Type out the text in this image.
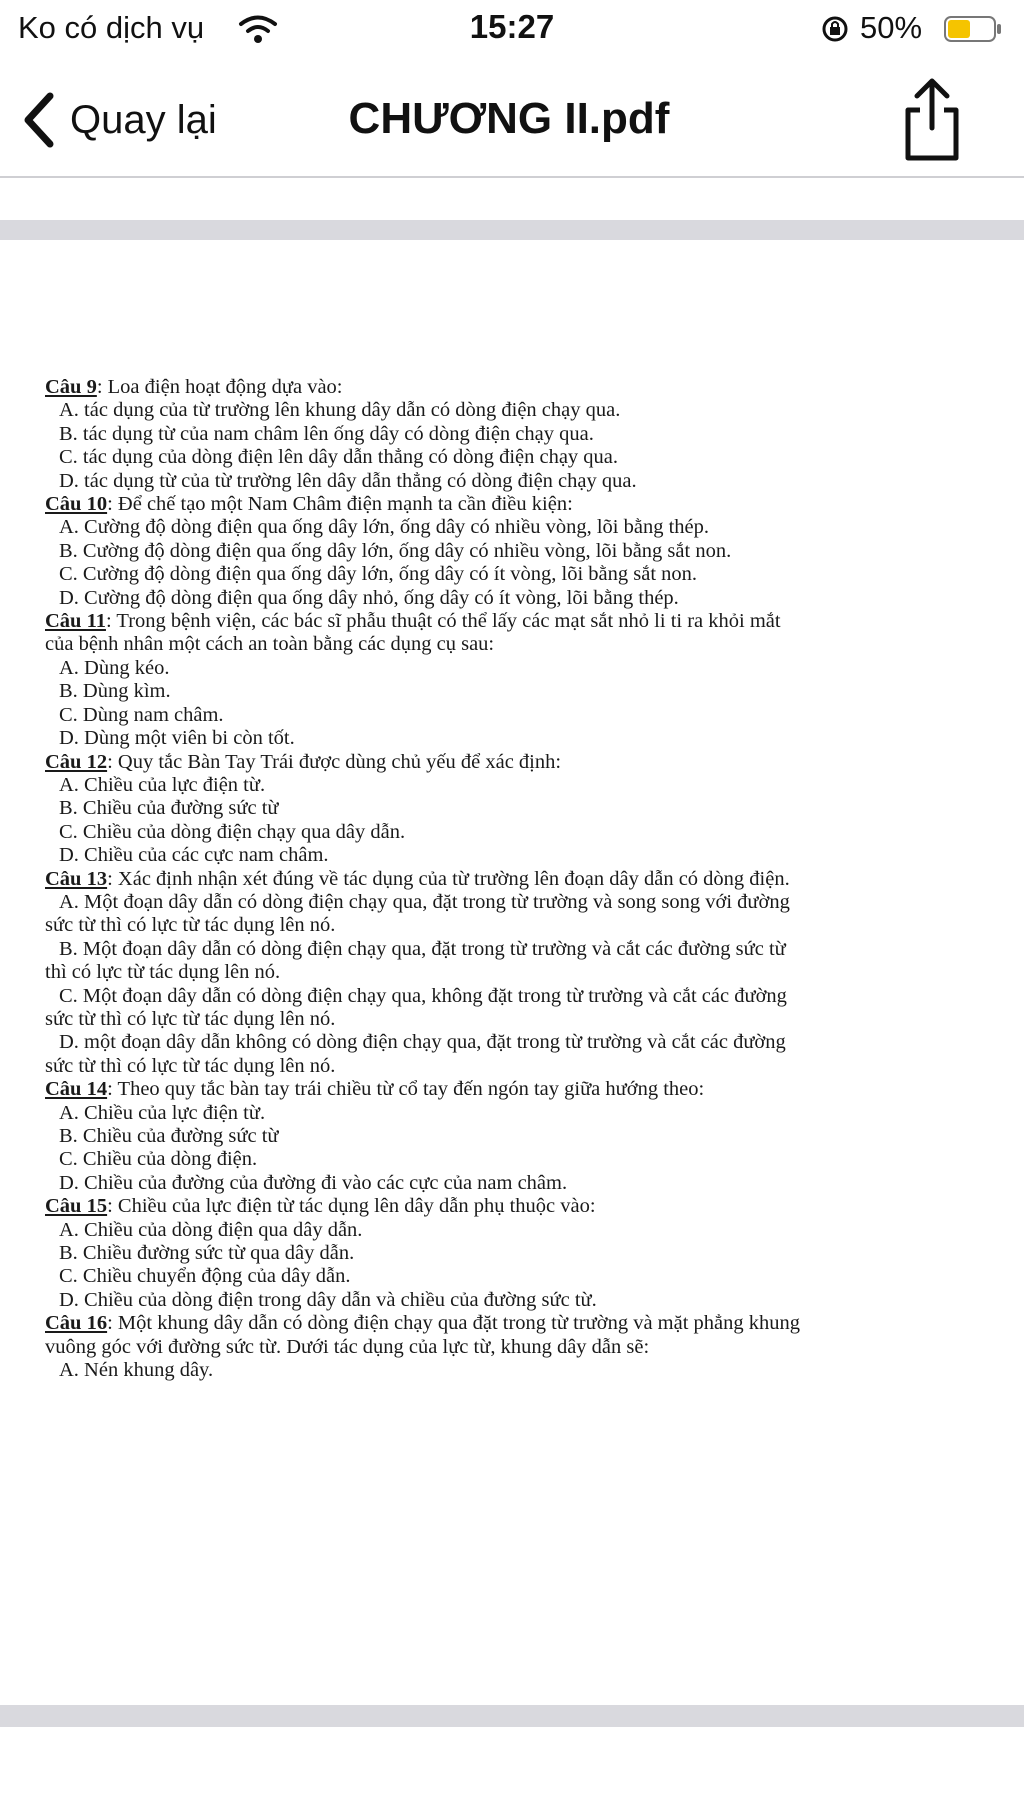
Ko có dịch vụ	15:27	50%
Quay lại	CHƯƠNG II.pdf
Câu 9: Loa điện hoạt động dựa vào:
A. tác dụng của từ trường lên khung dây dẫn có dòng điện chạy qua.
B. tác dụng từ của nam châm lên ống dây có dòng điện chạy qua.
C. tác dụng của dòng điện lên dây dẫn thẳng có dòng điện chạy qua.
D. tác dụng từ của từ trường lên dây dẫn thẳng có dòng điện chạy qua.
Câu 10: Để chế tạo một Nam Châm điện mạnh ta cần điều kiện:
A. Cường độ dòng điện qua ống dây lớn, ống dây có nhiều vòng, lõi bằng thép.
B. Cường độ dòng điện qua ống dây lớn, ống dây có nhiều vòng, lõi bằng sắt non.
C. Cường độ dòng điện qua ống dây lớn, ống dây có ít vòng, lõi bằng sắt non.
D. Cường độ dòng điện qua ống dây nhỏ, ống dây có ít vòng, lõi bằng thép.
Câu 11: Trong bệnh viện, các bác sĩ phẫu thuật có thể lấy các mạt sắt nhỏ li ti ra khỏi mắt
của bệnh nhân một cách an toàn bằng các dụng cụ sau:
A. Dùng kéo.
B. Dùng kìm.
C. Dùng nam châm.
D. Dùng một viên bi còn tốt.
Câu 12: Quy tắc Bàn Tay Trái được dùng chủ yếu để xác định:
A. Chiều của lực điện từ.
B. Chiều của đường sức từ
C. Chiều của dòng điện chạy qua dây dẫn.
D. Chiều của các cực nam châm.
Câu 13: Xác định nhận xét đúng về tác dụng của từ trường lên đoạn dây dẫn có dòng điện.
A. Một đoạn dây dẫn có dòng điện chạy qua, đặt trong từ trường và song song với đường
sức từ thì có lực từ tác dụng lên nó.
B. Một đoạn dây dẫn có dòng điện chạy qua, đặt trong từ trường và cắt các đường sức từ
thì có lực từ tác dụng lên nó.
C. Một đoạn dây dẫn có dòng điện chạy qua, không đặt trong từ trường và cắt các đường
sức từ thì có lực từ tác dụng lên nó.
D. một đoạn dây dẫn không có dòng điện chạy qua, đặt trong từ trường và cắt các đường
sức từ thì có lực từ tác dụng lên nó.
Câu 14: Theo quy tắc bàn tay trái chiều từ cổ tay đến ngón tay giữa hướng theo:
A. Chiều của lực điện từ.
B. Chiều của đường sức từ
C. Chiều của dòng điện.
D. Chiều của đường của đường đi vào các cực của nam châm.
Câu 15: Chiều của lực điện từ tác dụng lên dây dẫn phụ thuộc vào:
A. Chiều của dòng điện qua dây dẫn.
B. Chiều đường sức từ qua dây dẫn.
C. Chiều chuyển động của dây dẫn.
D. Chiều của dòng điện trong dây dẫn và chiều của đường sức từ.
Câu 16: Một khung dây dẫn có dòng điện chạy qua đặt trong từ trường và mặt phẳng khung
vuông góc với đường sức từ. Dưới tác dụng của lực từ, khung dây dẫn sẽ:
A. Nén khung dây.
